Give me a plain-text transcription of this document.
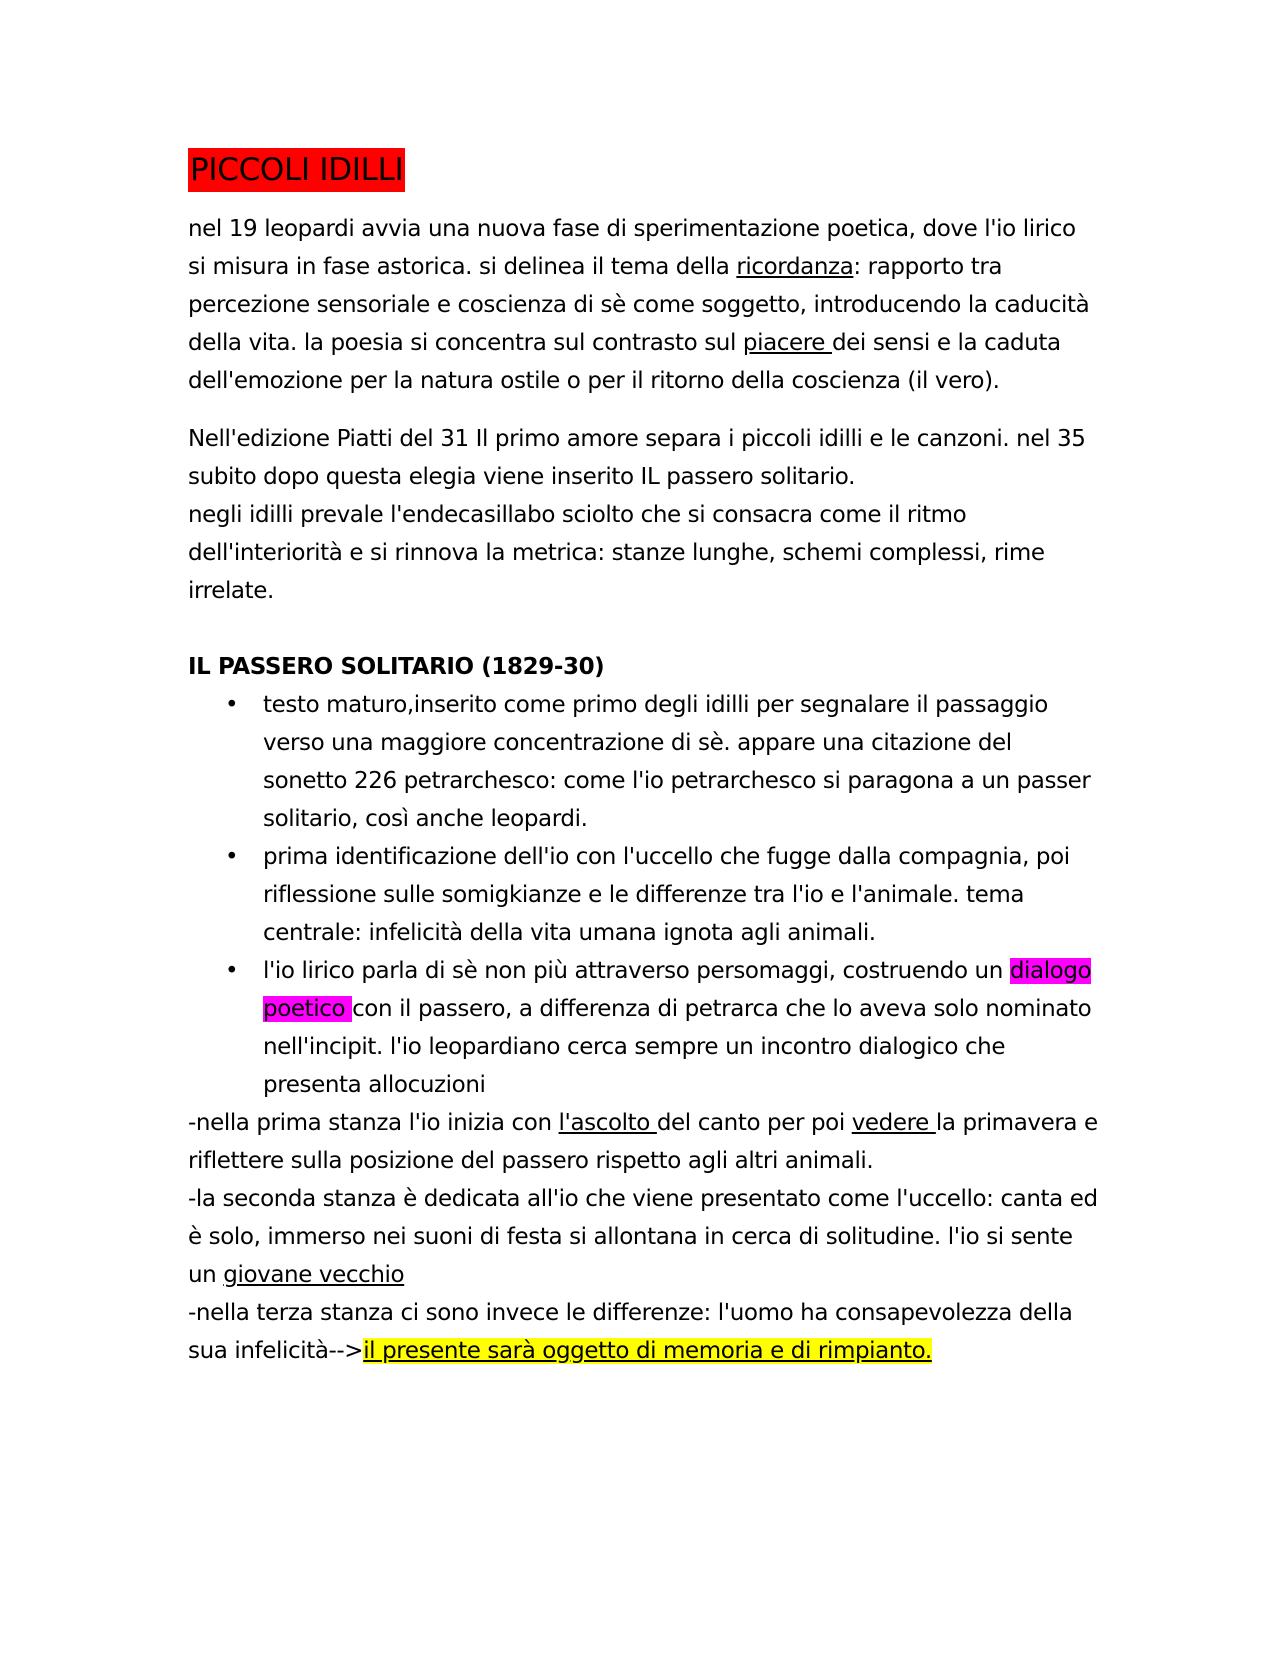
PICCOLI IDILLI

nel 19 leopardi avvia una nuova fase di sperimentazione poetica, dove l'io lirico si misura in fase astorica. si delinea il tema della ricordanza: rapporto tra percezione sensoriale e coscienza di sè come soggetto, introducendo la caducità della vita. la poesia si concentra sul contrasto sul piacere dei sensi e la caduta dell'emozione per la natura ostile o per il ritorno della coscienza (il vero).

Nell'edizione Piatti del 31 Il primo amore separa i piccoli idilli e le canzoni. nel 35 subito dopo questa elegia viene inserito IL passero solitario.
negli idilli prevale l'endecasillabo sciolto che si consacra come il ritmo dell'interiorità e si rinnova la metrica: stanze lunghe, schemi complessi, rime irrelate.

IL PASSERO SOLITARIO (1829-30)

• testo maturo,inserito come primo degli idilli per segnalare il passaggio verso una maggiore concentrazione di sè. appare una citazione del sonetto 226 petrarchesco: come l'io petrarchesco si paragona a un passer solitario, così anche leopardi.
• prima identificazione dell'io con l'uccello che fugge dalla compagnia, poi riflessione sulle somigkianze e le differenze tra l'io e l'animale. tema centrale: infelicità della vita umana ignota agli animali.
• l'io lirico parla di sè non più attraverso persomaggi, costruendo un dialogo poetico con il passero, a differenza di petrarca che lo aveva solo nominato nell'incipit. l'io leopardiano cerca sempre un incontro dialogico che presenta allocuzioni

-nella prima stanza l'io inizia con l'ascolto del canto per poi vedere la primavera e riflettere sulla posizione del passero rispetto agli altri animali.
-la seconda stanza è dedicata all'io che viene presentato come l'uccello: canta ed è solo, immerso nei suoni di festa si allontana in cerca di solitudine. l'io si sente un giovane vecchio
-nella terza stanza ci sono invece le differenze: l'uomo ha consapevolezza della sua infelicità-->il presente sarà oggetto di memoria e di rimpianto.
